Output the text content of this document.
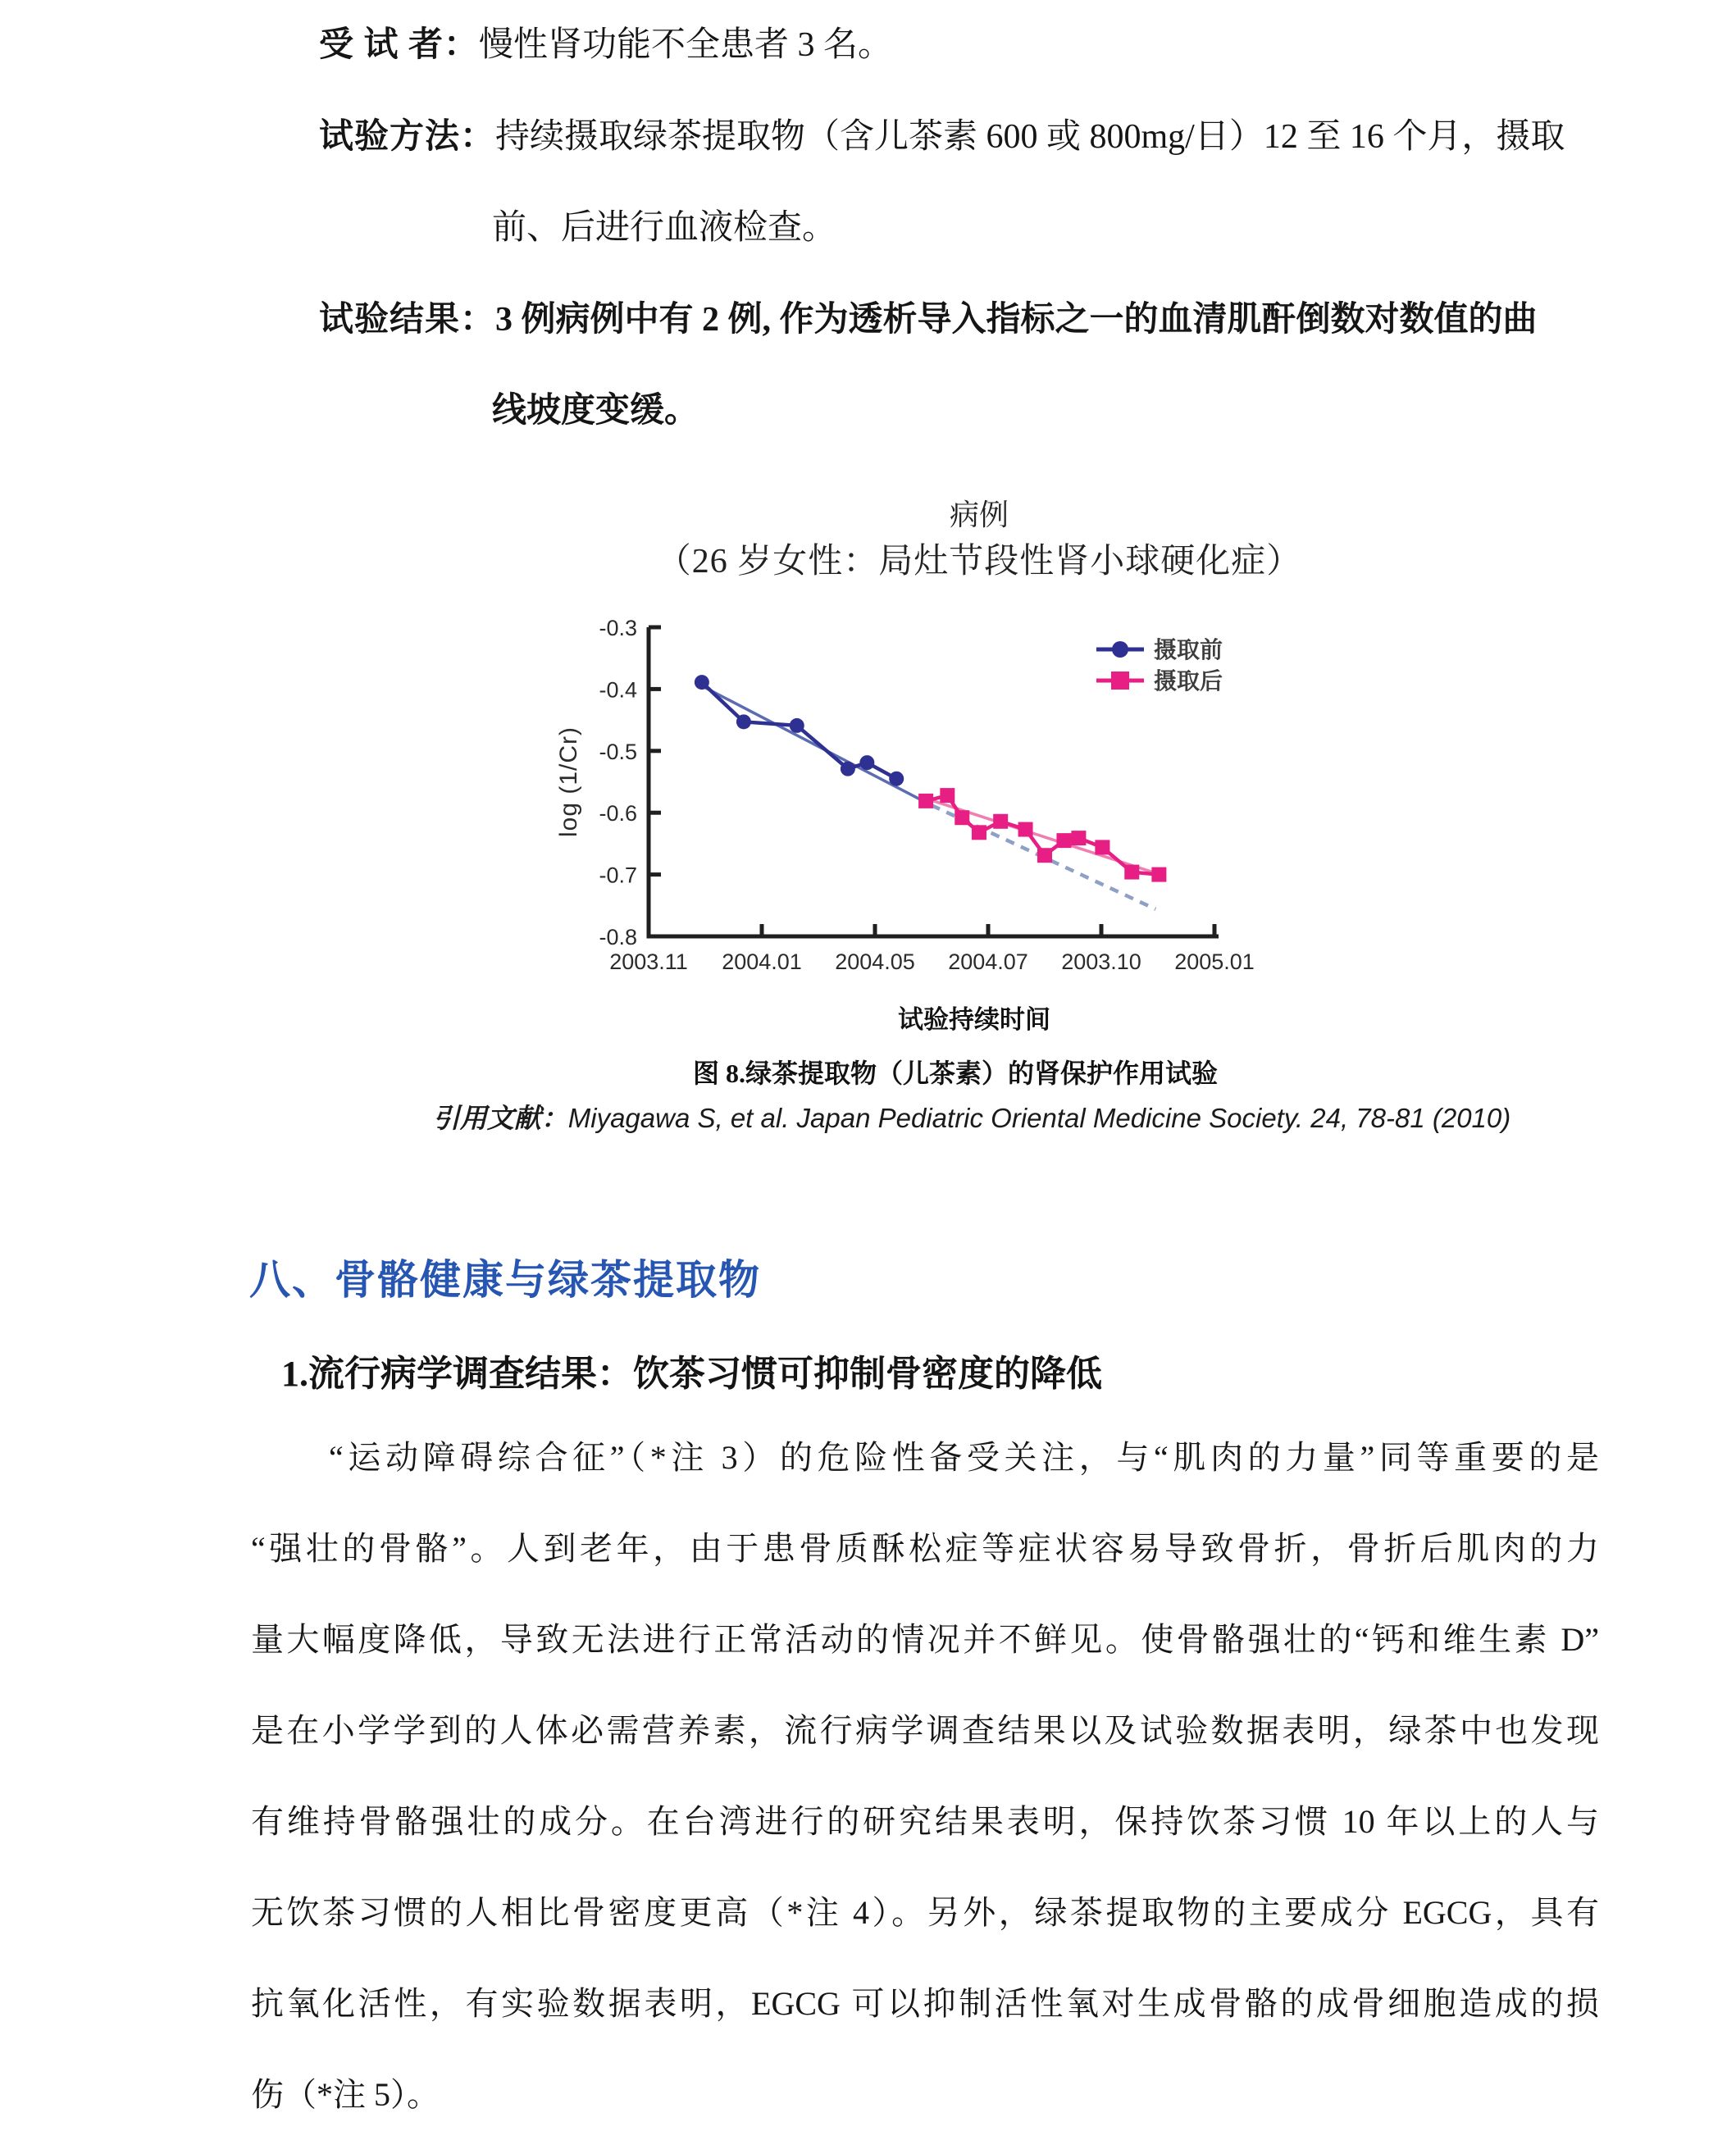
受 试 者：慢性肾功能不全患者 3 名。
试验方法：持续摄取绿茶提取物（含儿茶素 600 或 800mg/日）12 至 16 个月，摄取
前、后进行血液检查。
试验结果：3 例病例中有 2 例, 作为透析导入指标之一的血清肌酐倒数对数值的曲
线坡度变缓。
病例
（26 岁女性：局灶节段性肾小球硬化症）
-0.3
-0.4
-0.5
-0.6
-0.7
-0.8
2003.11 2004.01 2004.05 2004.07 2003.10 2005.01
log (1/Cr)
摄取前
摄取后
试验持续时间
图 8.绿茶提取物（儿茶素）的肾保护作用试验
引用文献：Miyagawa S, et al. Japan Pediatric Oriental Medicine Society. 24, 78-81 (2010)
八、骨骼健康与绿茶提取物
1.流行病学调查结果：饮茶习惯可抑制骨密度的降低
“运动障碍综合征”（*注 3）的危险性备受关注，与“肌肉的力量”同等重要的是
“强壮的骨骼”。人到老年，由于患骨质酥松症等症状容易导致骨折，骨折后肌肉的力
量大幅度降低，导致无法进行正常活动的情况并不鲜见。使骨骼强壮的“钙和维生素 D”
是在小学学到的人体必需营养素，流行病学调查结果以及试验数据表明，绿茶中也发现
有维持骨骼强壮的成分。在台湾进行的研究结果表明，保持饮茶习惯 10 年以上的人与
无饮茶习惯的人相比骨密度更高（*注 4）。另外，绿茶提取物的主要成分 EGCG，具有
抗氧化活性，有实验数据表明，EGCG 可以抑制活性氧对生成骨骼的成骨细胞造成的损
伤（*注 5）。
